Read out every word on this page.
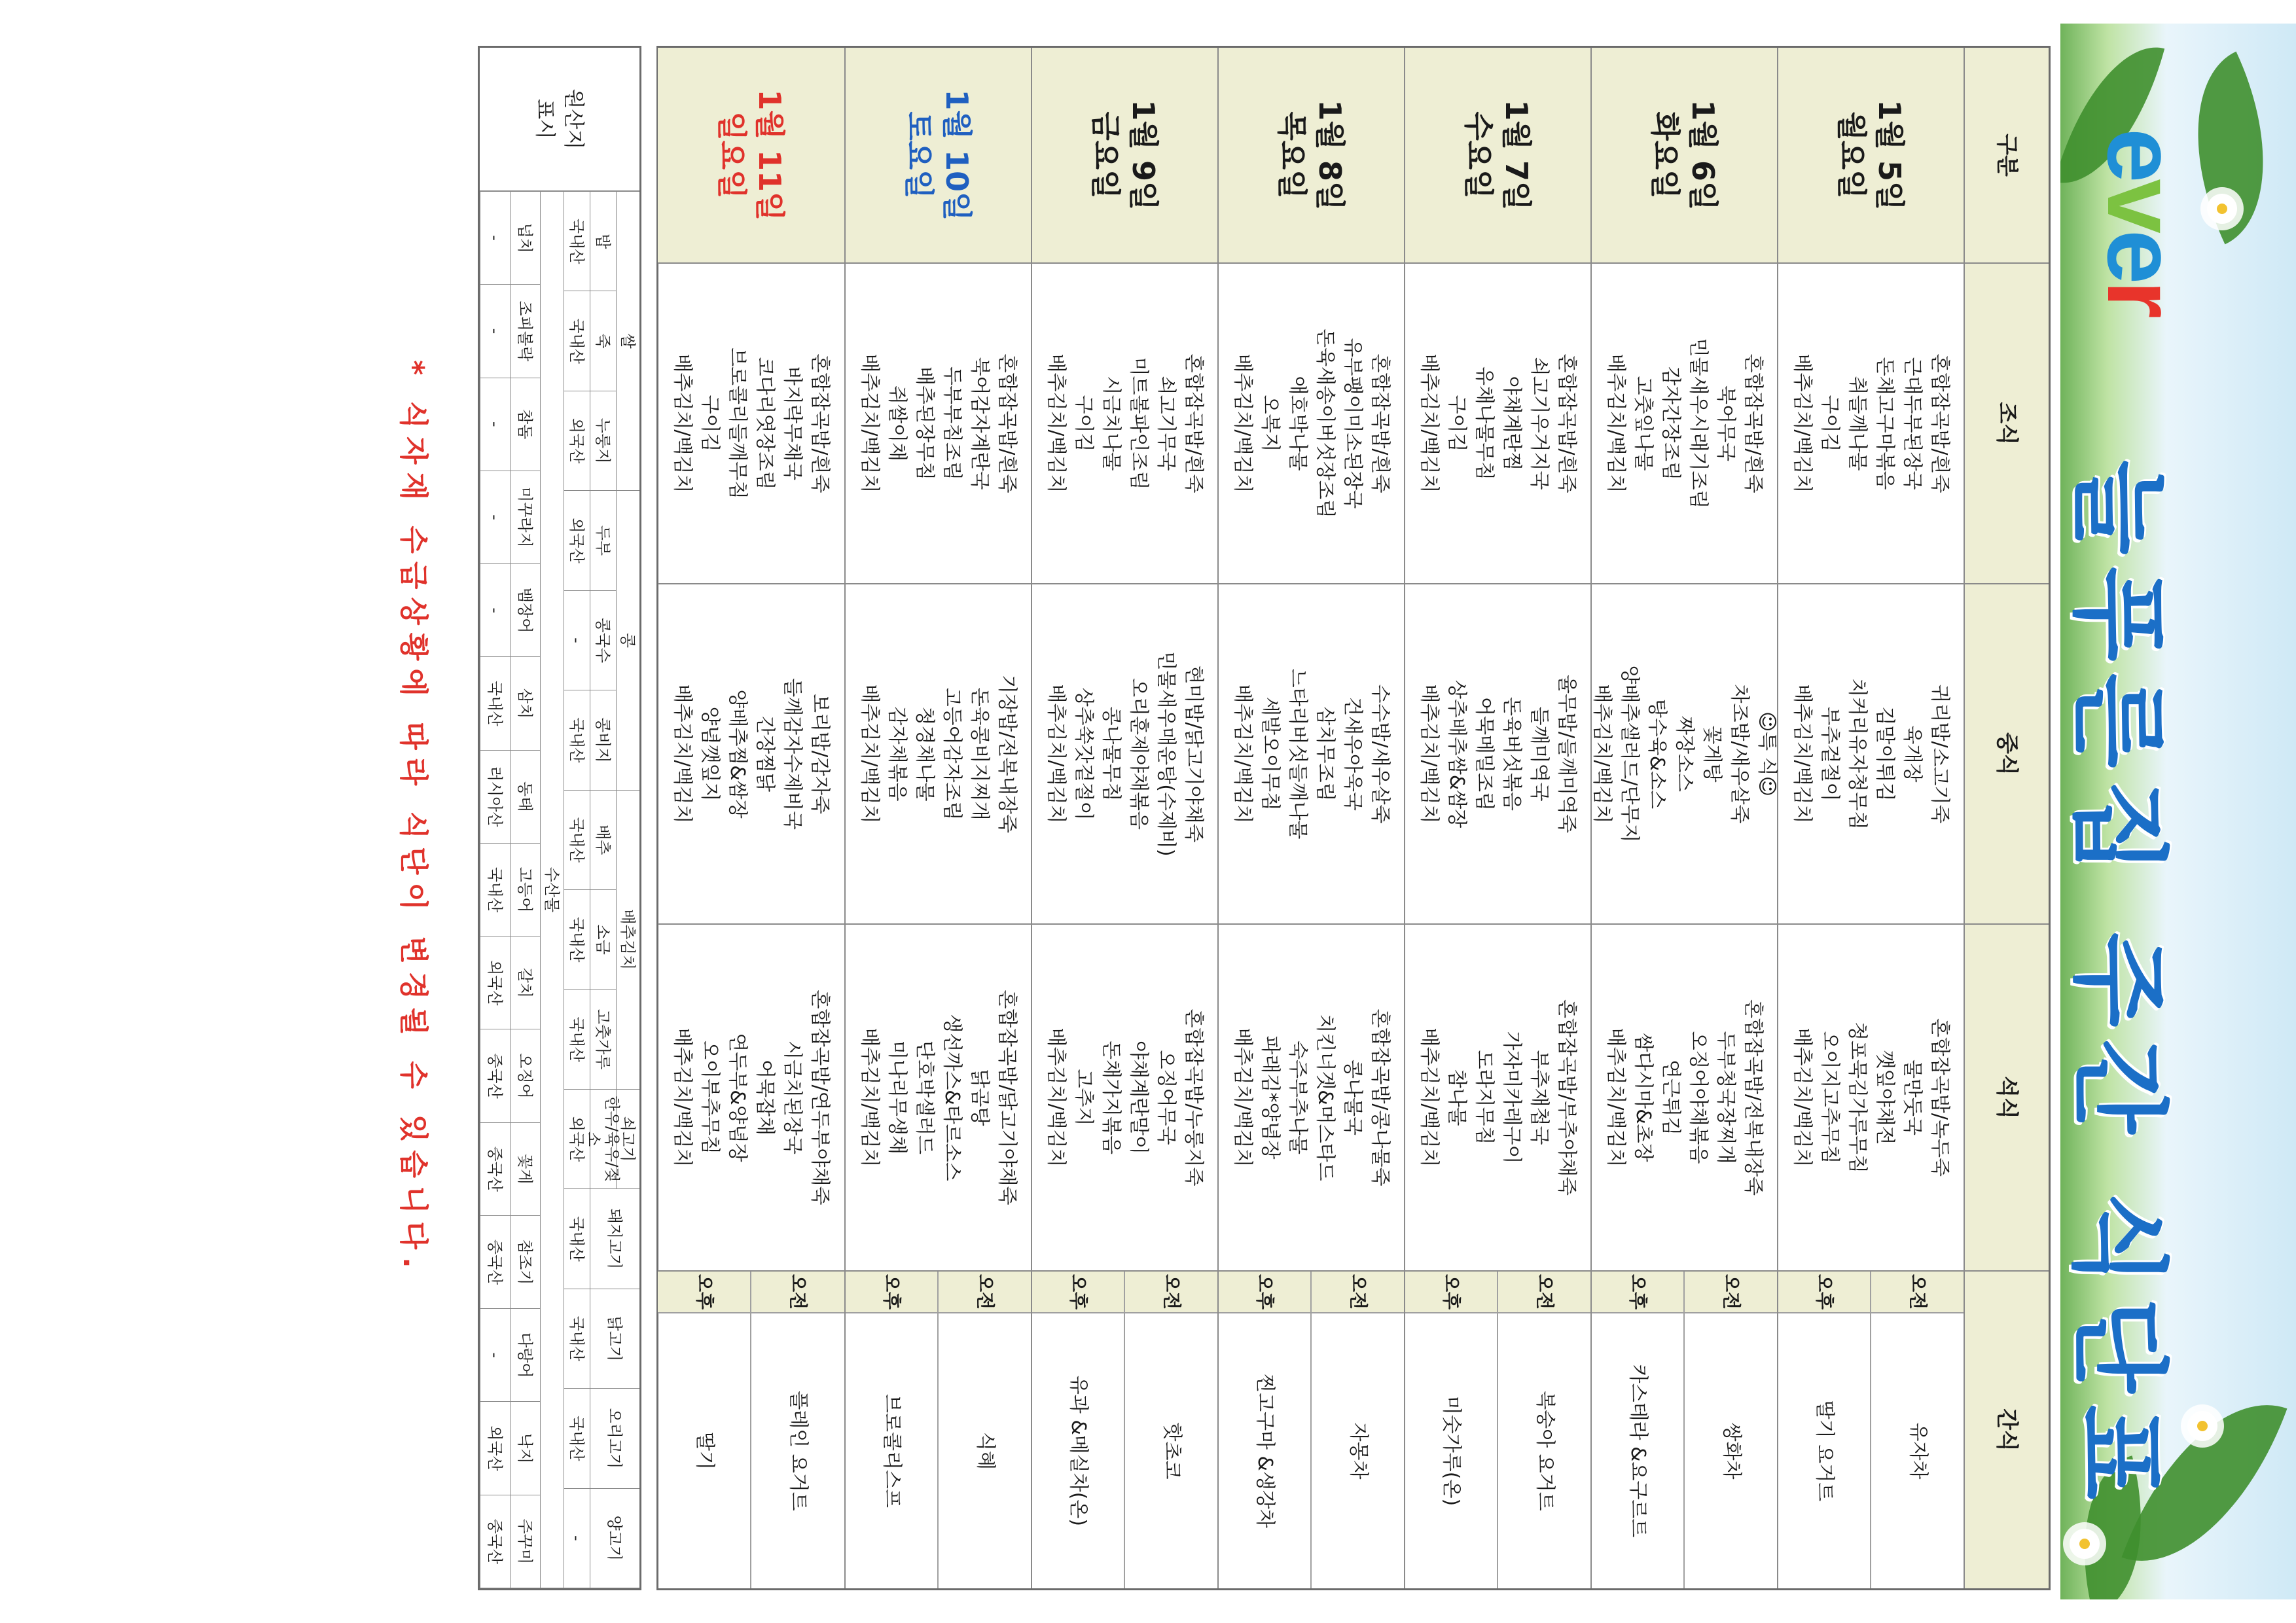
ever
늘푸른집 주간 식단표
구분
조식
중식
석식
간식
1월 5일
월요일
혼합잡곡밥/흰죽
근대두부된장국
돈채고구마볶음
취들깨나물
구이김
배추김치/백김치
귀리밥/소고기죽
육개장
김말이튀김
치커리유자청무침
부추겉절이
배추김치/백김치
혼합잡곡밥/녹두죽
물만둣국
깻잎야채전
청포묵김가루무침
오이지고추무침
배추김치/백김치
오전
유자차
오후
딸기 요거트
1월 6일
화요일
혼합잡곡밥/흰죽
북어무국
민물새우시래기조림
감자간장조림
고춧잎나물
배추김치/백김치
☺특 식☺
차조밥/새우살죽
꽃게탕
짜장소스
탕수육&소스
양배추샐러드/단무지
배추김치/백김치
혼합잡곡밥/전복내장죽
두부청국장찌개
오징어야채볶음
연근튀김
쌈다시마&초장
배추김치/백김치
오전
쌍화차
오후
카스테라 &요구르트
1월 7일
수요일
혼합잡곡밥/흰죽
쇠고기우거지국
야채계란찜
유채나물무침
구이김
배추김치/백김치
율무밥/들깨미역죽
들깨미역국
돈육버섯볶음
어묵메밀조림
상추배추쌈&쌈장
배추김치/백김치
혼합잡곡밥/부추야채죽
부추재첩국
가자미카레구이
도라지무침
참나물
배추김치/백김치
오전
복숭아 요거트
오후
미숫가루(온)
1월 8일
목요일
혼합잡곡밥/흰죽
유부팽이미소된장국
돈육새송이버섯장조림
애호박나물
오복지
배추김치/백김치
수수밥/새우살죽
건새우아욱국
삼치무조림
느타리버섯들깨나물
세발오이무침
배추김치/백김치
혼합잡곡밥/콩나물죽
콩나물국
치킨너겟&머스타드
숙주부추나물
파래김*양념장
배추김치/백김치
오전
자몽차
오후
찐고구마 &생강차
1월 9일
금요일
혼합잡곡밥/흰죽
쇠고기무국
미트볼파인조림
시금치나물
구이김
배추김치/백김치
현미밥/닭고기야채죽
민물새우매운탕(수제비)
오리훈제야채볶음
콩나물무침
상추쑥갓겉절이
배추김치/백김치
혼합잡곡밥/누룽지죽
오징어무국
야채계란말이
돈채가지볶음
고추지
배추김치/백김치
오전
핫초코
오후
유과 &메실차(온)
1월 10일
토요일
혼합잡곡밥/흰죽
북어감자계란국
두부부침조림
배추된장무침
쥐쌀이채
배추김치/백김치
기장밥/전복내장죽
돈육콩비지찌개
고등어감자조림
청경채나물
감자채볶음
배추김치/백김치
혼합잡곡밥/닭고기야채죽
닭곰탕
생선까스&타르소스
단호박샐러드
미나리무생채
배추김치/백김치
오전
식혜
오후
브로콜리스프
1월 11일
일요일
혼합잡곡밥/흰죽
바지락무채국
코다리엿장조림
브로콜리들깨무침
구이김
배추김치/백김치
보리밥/감자죽
들깨감자수제비국
간장찜닭
양배추찜&쌈장
양념깻잎지
배추김치/백김치
혼합잡곡밥/연두부야채죽
시금치된장국
어묵잡채
연두부&양념장
오이부추무침
배추김치/백김치
오전
플레인 요거트
오후
딸기
원산지
표시
쌀
밥
국내산
죽
국내산
누룽지
외국산
콩
두부
외국산
콩국수
-
콩비지
국내산
배추김치
배추
국내산
소금
국내산
고춧가루
국내산
쇠고기
한우/육우/젖소
외국산
돼지고기
국내산
닭고기
국내산
오리고기
국내산
양고기
-
수산물
넙치
-
조피볼락
-
참돔
-
미꾸라지
-
뱀장어
-
삼치
국내산
동태
러시아산
고등어
국내산
갈치
외국산
오징어
중국산
꽃게
중국산
참조기
중국산
다랑어
-
낙지
외국산
주꾸미
중국산
* 식자재 수급상황에 따라 식단이 변경될 수 있습니다.
